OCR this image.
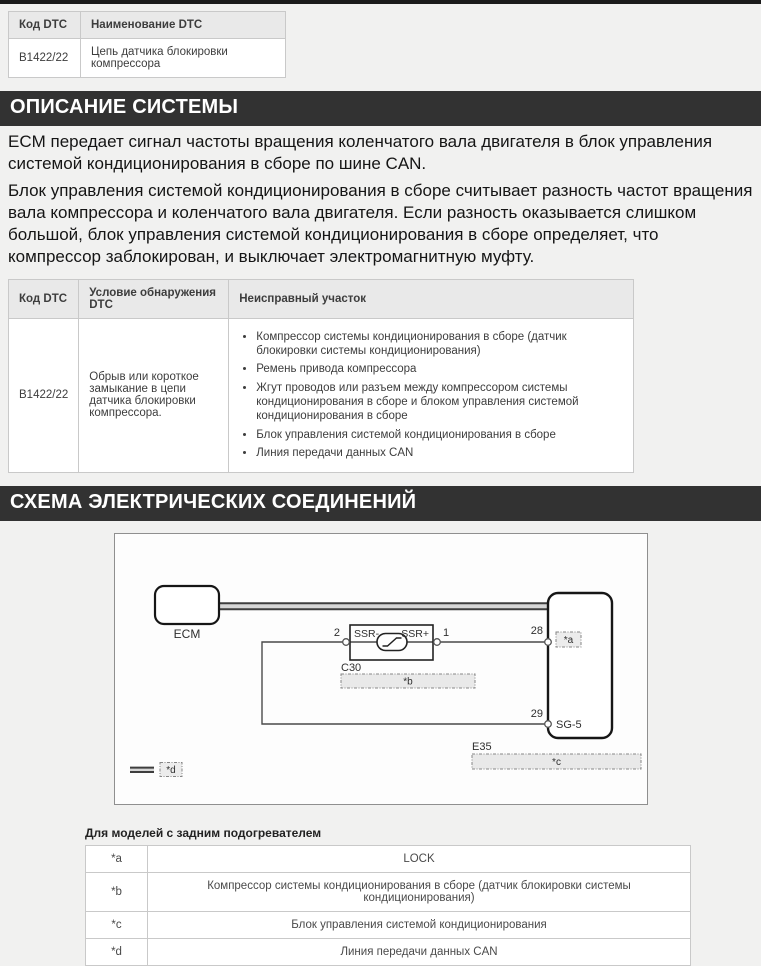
Код DTC	Наименование DTC
B1422/22	Цепь датчика блокировки компрессора
ОПИСАНИЕ СИСТЕМЫ

ECM передает сигнал частоты вращения коленчатого вала двигателя в блок управления системой кондиционирования в сборе по шине CAN.

Блок управления системой кондиционирования в сборе считывает разность частот вращения вала компрессора и коленчатого вала двигателя. Если разность оказывается слишком большой, блок управления системой кондиционирования в сборе определяет, что компрессор заблокирован, и выключает электромагнитную муфту.

Код DTC	Условие обнаружения DTC	Неисправный участок
B1422/22	Обрыв или короткое замыкание в цепи датчика блокировки компрессора.	
• Компрессор системы кондиционирования в сборе (датчик блокировки системы кондиционирования)
• Ремень привода компрессора
• Жгут проводов или разъем между компрессором системы кондиционирования в сборе и блоком управления системой кондиционирования в сборе
• Блок управления системой кондиционирования в сборе
• Линия передачи данных CAN
СХЕМА ЭЛЕКТРИЧЕСКИХ СОЕДИНЕНИЙ
ECM	2 SSR- SSR+ 1	28
29
SG-5
*a
C30
*b
E35
*c
*d
Для моделей с задним подогревателем
*a	LOCK
*b	Компрессор системы кондиционирования в сборе (датчик блокировки системы кондиционирования)
*c	Блок управления системой кондиционирования
*d	Линия передачи данных CAN
